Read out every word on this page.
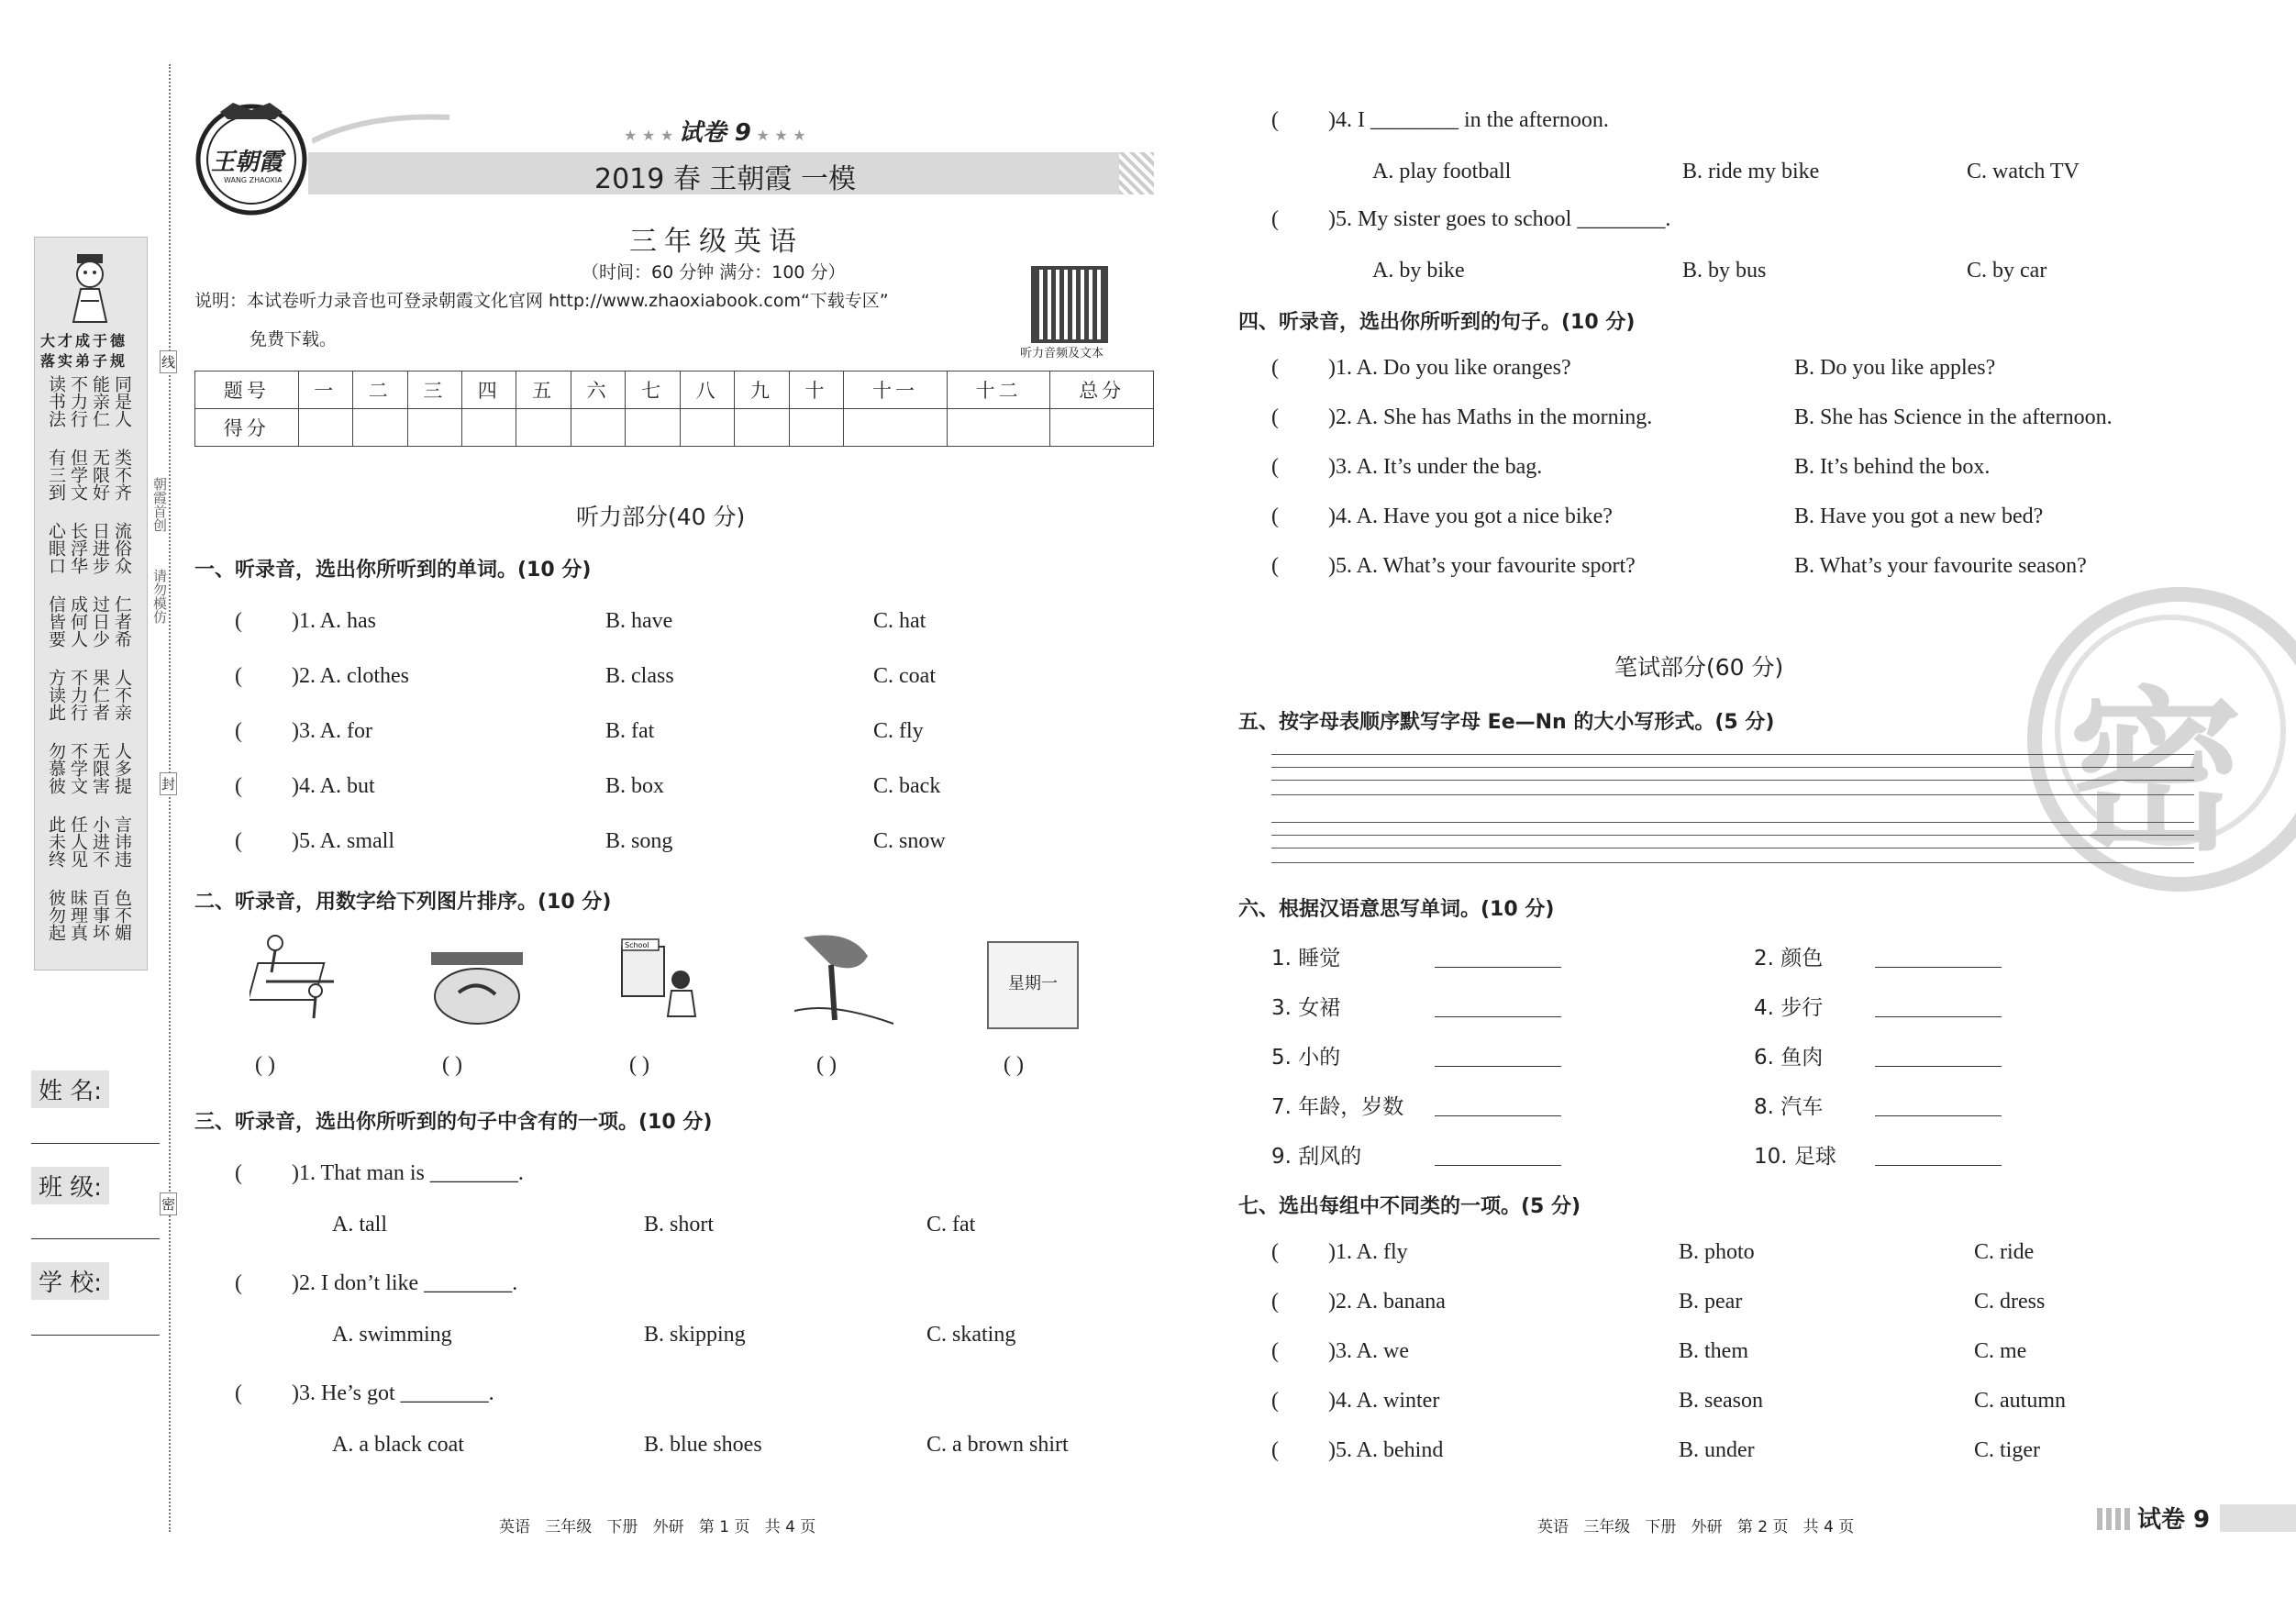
大才成于德
落实弟子规
读书法 不力行 能亲仁 同是人
有三到 但学文 无限好 类不齐
心眼口 长浮华 日进步 流俗众
信皆要 成何人 过日少 仁者希
方读此 不力行 果仁者 人不亲
勿慕彼 不学文 无限害 人多提
此未终 任人见 小进不 言讳违
彼勿起 昧理真 百事坏 色不媚
朝霞首创
请勿模仿
线
封
密
姓 名:
班 级:
学 校:
王朝霞
WANG ZHAOXIA
★ ★ ★ 试卷 9 ★ ★ ★
2019 春 王朝霞 一模
三年级英语
（时间：60 分钟 满分：100 分）
说明：本试卷听力录音也可登录朝霞文化官网 http://www.zhaoxiabook.com“下载专区”
免费下载。
听力音频及文本
题号	一	二	三	四	五	六	七	八	九	十	十一	十二	总分
得分													
听力部分(40 分)
一、听录音，选出你所听到的单词。(10 分)
( )1. A. has	B. have	C. hat
( )2. A. clothes	B. class	C. coat
( )3. A. for	B. fat	C. fly
( )4. A. but	B. box	C. back
( )5. A. small	B. song	C. snow
二、听录音，用数字给下列图片排序。(10 分)
School
星期一
( )	( )	( )	( )	( )
三、听录音，选出你所听到的句子中含有的一项。(10 分)
( )1. That man is ________.
A. tall	B. short	C. fat
( )2. I don’t like ________.
A. swimming	B. skipping	C. skating
( )3. He’s got ________.
A. a black coat	B. blue shoes	C. a brown shirt
( )4. I ________ in the afternoon.
A. play football	B. ride my bike	C. watch TV
( )5. My sister goes to school ________.
A. by bike	B. by bus	C. by car
英语   三年级   下册   外研   第 1 页   共 4 页
四、听录音，选出你所听到的句子。(10 分)
( )1. A. Do you like oranges?	B. Do you like apples?
( )2. A. She has Maths in the morning.	B. She has Science in the afternoon.
( )3. A. It’s under the bag.	B. It’s behind the box.
( )4. A. Have you got a nice bike?	B. Have you got a new bed?
( )5. A. What’s your favourite sport?	B. What’s your favourite season?
密
笔试部分(60 分)
五、按字母表顺序默写字母 Ee—Nn 的大小写形式。(5 分)
六、根据汉语意思写单词。(10 分)
1. 睡觉	2. 颜色
3. 女裙	4. 步行
5. 小的	6. 鱼肉
7. 年龄，岁数	8. 汽车
9. 刮风的	10. 足球
七、选出每组中不同类的一项。(5 分)
( )1. A. fly	B. photo	C. ride
( )2. A. banana	B. pear	C. dress
( )3. A. we	B. them	C. me
( )4. A. winter	B. season	C. autumn
( )5. A. behind	B. under	C. tiger
英语   三年级   下册   外研   第 2 页   共 4 页	试卷 9
